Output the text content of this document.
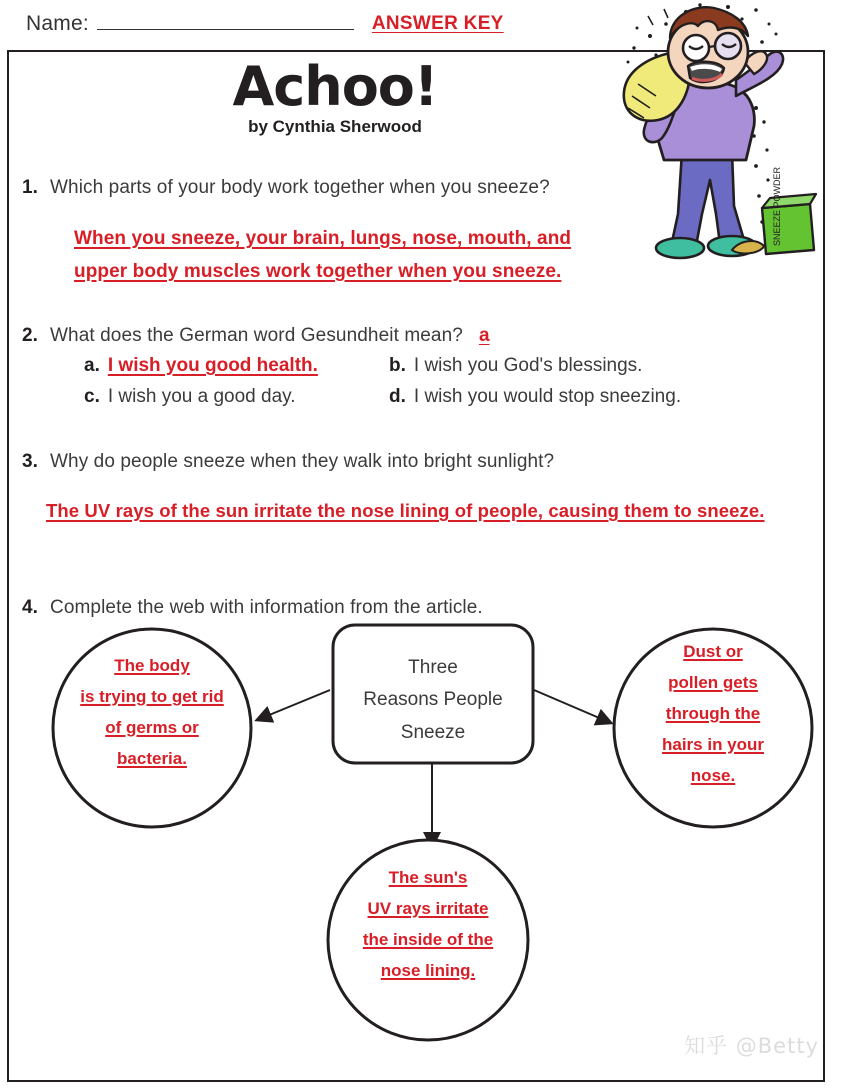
Name:	ANSWER KEY
Achoo!
by Cynthia Sherwood
SNEEZE POWDER
1. Which parts of your body work together when you sneeze?
When you sneeze, your brain, lungs, nose, mouth, and
upper body muscles work together when you sneeze.
2. What does the German word Gesundheit mean? a
a. I wish you good health.	b. I wish you God's blessings.
c. I wish you a good day.	d. I wish you would stop sneezing.
3. Why do people sneeze when they walk into bright sunlight?
The UV rays of the sun irritate the nose lining of people, causing them to sneeze.
4. Complete the web with information from the article.
Three
Reasons People
Sneeze
The body
is trying to get rid
of germs or
bacteria.
Dust or
pollen gets
through the
hairs in your
nose.
The sun's
UV rays irritate
the inside of the
nose lining.
知乎 @Betty
